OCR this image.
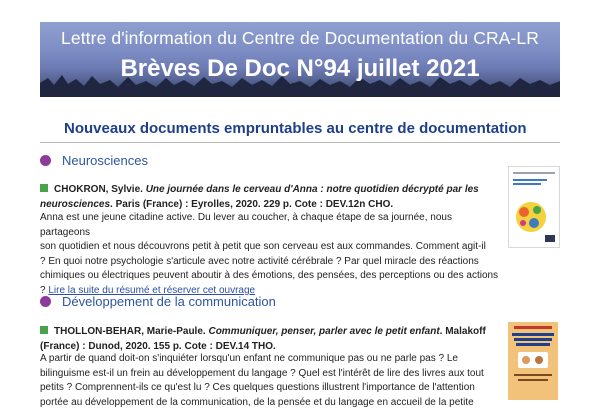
Lettre d'information du Centre de Documentation du CRA-LR
Brèves De Doc N°94 juillet 2021
Nouveaux documents empruntables au centre de documentation
Neurosciences
CHOKRON, Sylvie. Une journée dans le cerveau d'Anna : notre quotidien décrypté par les neurosciences. Paris (France) : Eyrolles, 2020. 229 p. Cote : DEV.12n CHO.
Anna est une jeune citadine active. Du lever au coucher, à chaque étape de sa journée, nous partageons
son quotidien et nous découvrons petit à petit que son cerveau est aux commandes. Comment agit-il
? En quoi notre psychologie s'articule avec notre activité cérébrale ? Par quel miracle des réactions
chimiques ou électriques peuvent aboutir à des émotions, des pensées, des perceptions ou des actions
? Lire la suite du résumé et réserver cet ouvrage
Développement de la communication
THOLLON-BEHAR, Marie-Paule. Communiquer, penser, parler avec le petit enfant. Malakoff (France) : Dunod, 2020. 155 p. Cote : DEV.14 THO.
A partir de quand doit-on s'inquiéter lorsqu'un enfant ne communique pas ou ne parle pas ? Le
bilinguisme est-il un frein au développement du langage ? Quel est l'intérêt de lire des livres aux tout
petits ? Comprennent-ils ce qu'est lu ? Ces quelques questions illustrent l'importance de l'attention
portée au développement de la communication, de la pensée et du langage en accueil de la petite
